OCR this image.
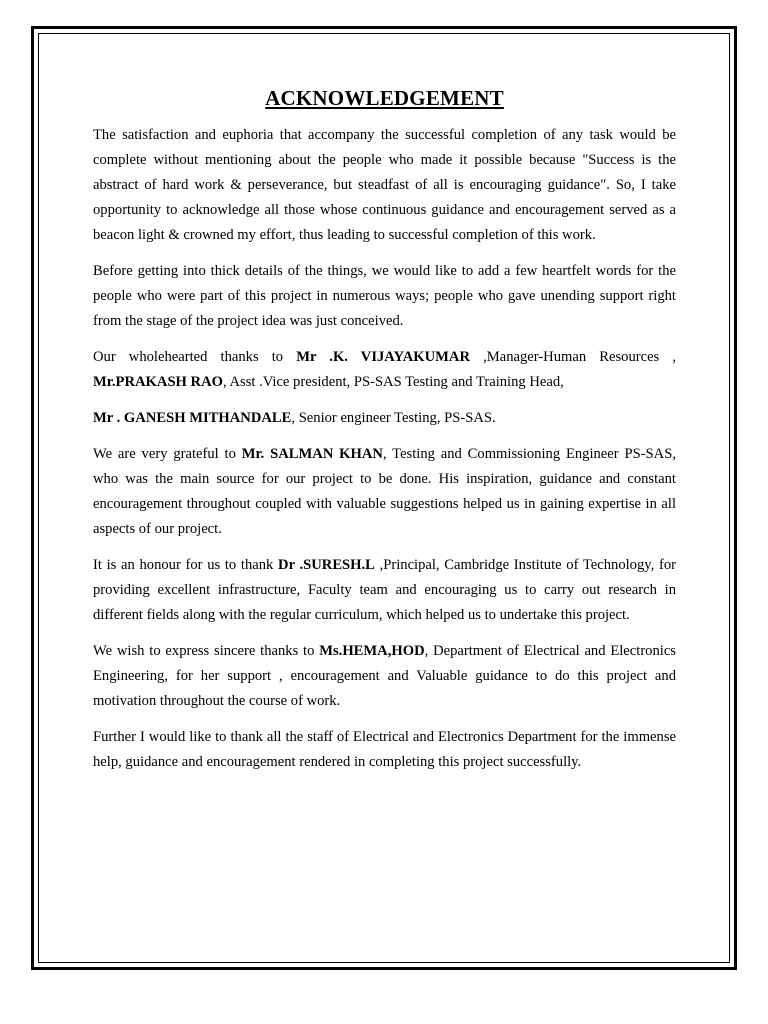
ACKNOWLEDGEMENT

The satisfaction and euphoria that accompany the successful completion of any task would be complete without mentioning about the people who made it possible because "Success is the abstract of hard work & perseverance, but steadfast of all is encouraging guidance". So, I take opportunity to acknowledge all those whose continuous guidance and encouragement served as a beacon light & crowned my effort, thus leading to successful completion of this work.

Before getting into thick details of the things, we would like to add a few heartfelt words for the people who were part of this project in numerous ways; people who gave unending support right from the stage of the project idea was just conceived.

Our wholehearted thanks to Mr .K. VIJAYAKUMAR ,Manager-Human Resources , Mr.PRAKASH RAO, Asst .Vice president, PS-SAS Testing and Training Head,

Mr . GANESH MITHANDALE, Senior engineer Testing, PS-SAS.

We are very grateful to Mr. SALMAN KHAN, Testing and Commissioning Engineer PS-SAS, who was the main source for our project to be done. His inspiration, guidance and constant encouragement throughout coupled with valuable suggestions helped us in gaining expertise in all aspects of our project.

It is an honour for us to thank Dr .SURESH.L ,Principal, Cambridge Institute of Technology, for providing excellent infrastructure, Faculty team and encouraging us to carry out research in different fields along with the regular curriculum, which helped us to undertake this project.

We wish to express sincere thanks to Ms.HEMA,HOD, Department of Electrical and Electronics Engineering, for her support , encouragement and Valuable guidance to do this project and motivation throughout the course of work.

Further I would like to thank all the staff of Electrical and Electronics Department for the immense help, guidance and encouragement rendered in completing this project successfully.
